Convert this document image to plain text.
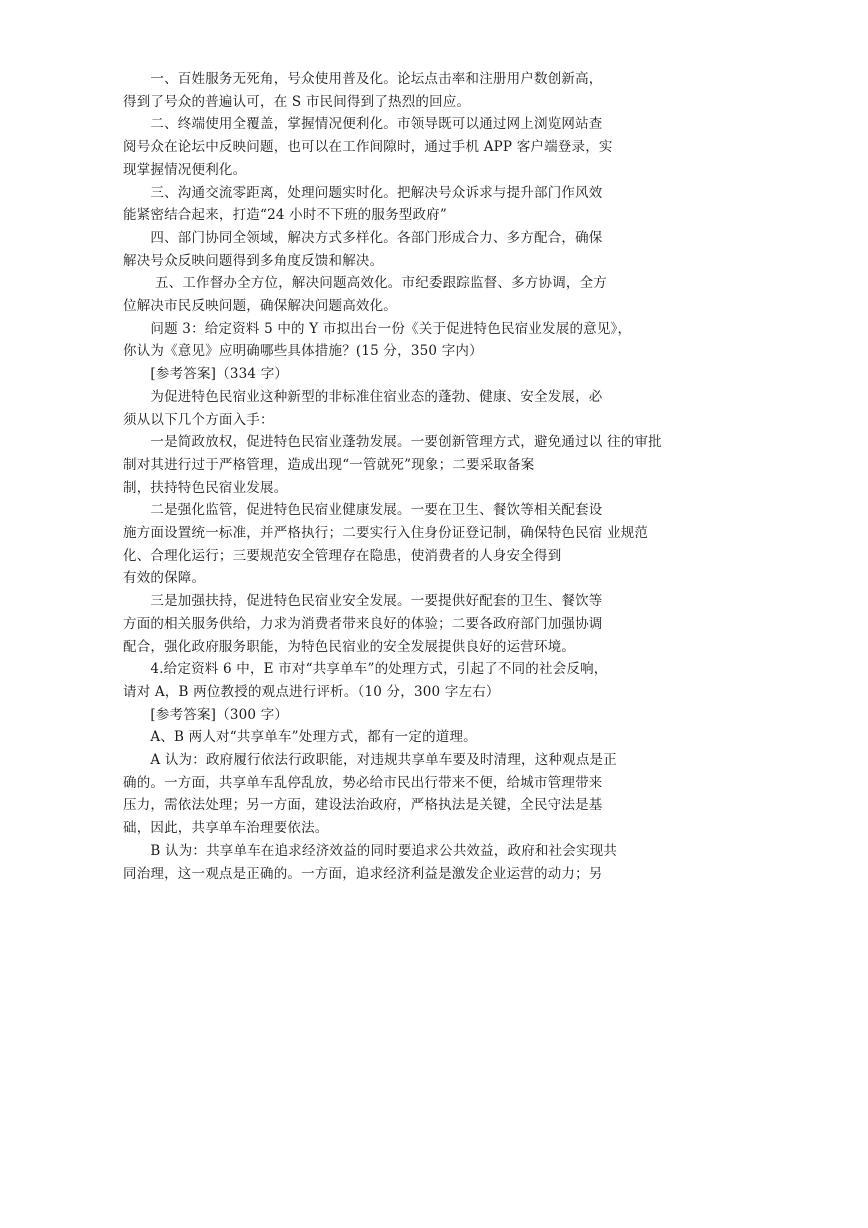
　　一、百姓服务无死角，号众使用普及化。论坛点击率和注册用户数创新高，
得到了号众的普遍认可，在 S 市民间得到了热烈的回应。
　　二、终端使用全覆盖，掌握情况便利化。市领导既可以通过网上浏览网站查
阅号众在论坛中反映问题，也可以在工作间隙时，通过手机 APP 客户端登录，实
现掌握情况便利化。
　　三、沟通交流零距离，处理问题实时化。把解决号众诉求与提升部门作风效
能紧密结合起来，打造“24 小时不下班的服务型政府”
　　四、部门协同全领域，解决方式多样化。各部门形成合力、多方配合，确保
解决号众反映问题得到多角度反馈和解决。
　　 五、工作督办全方位，解决问题高效化。市纪委跟踪监督、多方协调，全方
位解决市民反映问题，确保解决问题高效化。
　　问题 3：给定资料 5 中的 Y 市拟出台一份《关于促进特色民宿业发展的意见》，
你认为《意见》应明确哪些具体措施？(15 分，350 字内）
　　[参考答案]（334 字）
　　为促进特色民宿业这种新型的非标准住宿业态的蓬勃、健康、安全发展，必
须从以下几个方面入手：
　　一是简政放权，促进特色民宿业蓬勃发展。一要创新管理方式，避免通过以 往的审批
制对其进行过于严格管理，造成出现“一管就死”现象；二要采取备案
制，扶持特色民宿业发展。
　　二是强化监管，促进特色民宿业健康发展。一要在卫生、餐饮等相关配套设
施方面设置统一标准，并严格执行；二要实行入住身份证登记制，确保特色民宿 业规范
化、合理化运行；三要规范安全管理存在隐患，使消费者的人身安全得到
有效的保障。
　　三是加强扶持，促进特色民宿业安全发展。一要提供好配套的卫生、餐饮等
方面的相关服务供给，力求为消费者带来良好的体验；二要各政府部门加强协调
配合，强化政府服务职能，为特色民宿业的安全发展提供良好的运营环境。
　　4.给定资料 6 中，E 市对“共享单车”的处理方式，引起了不同的社会反响，
请对 A，B 两位教授的观点进行评析。（10 分，300 字左右）
　　[参考答案]（300 字）
　　A、B 两人对“共享单车”处理方式，都有一定的道理。
　　A 认为：政府履行依法行政职能，对违规共享单车要及时清理，这种观点是正
确的。一方面，共享单车乱停乱放，势必给市民出行带来不便，给城市管理带来
压力，需依法处理；另一方面，建设法治政府，严格执法是关键，全民守法是基
础，因此，共享单车治理要依法。
　　B 认为：共享单车在追求经济效益的同时要追求公共效益，政府和社会实现共
同治理，这一观点是正确的。一方面，追求经济利益是激发企业运营的动力；另
